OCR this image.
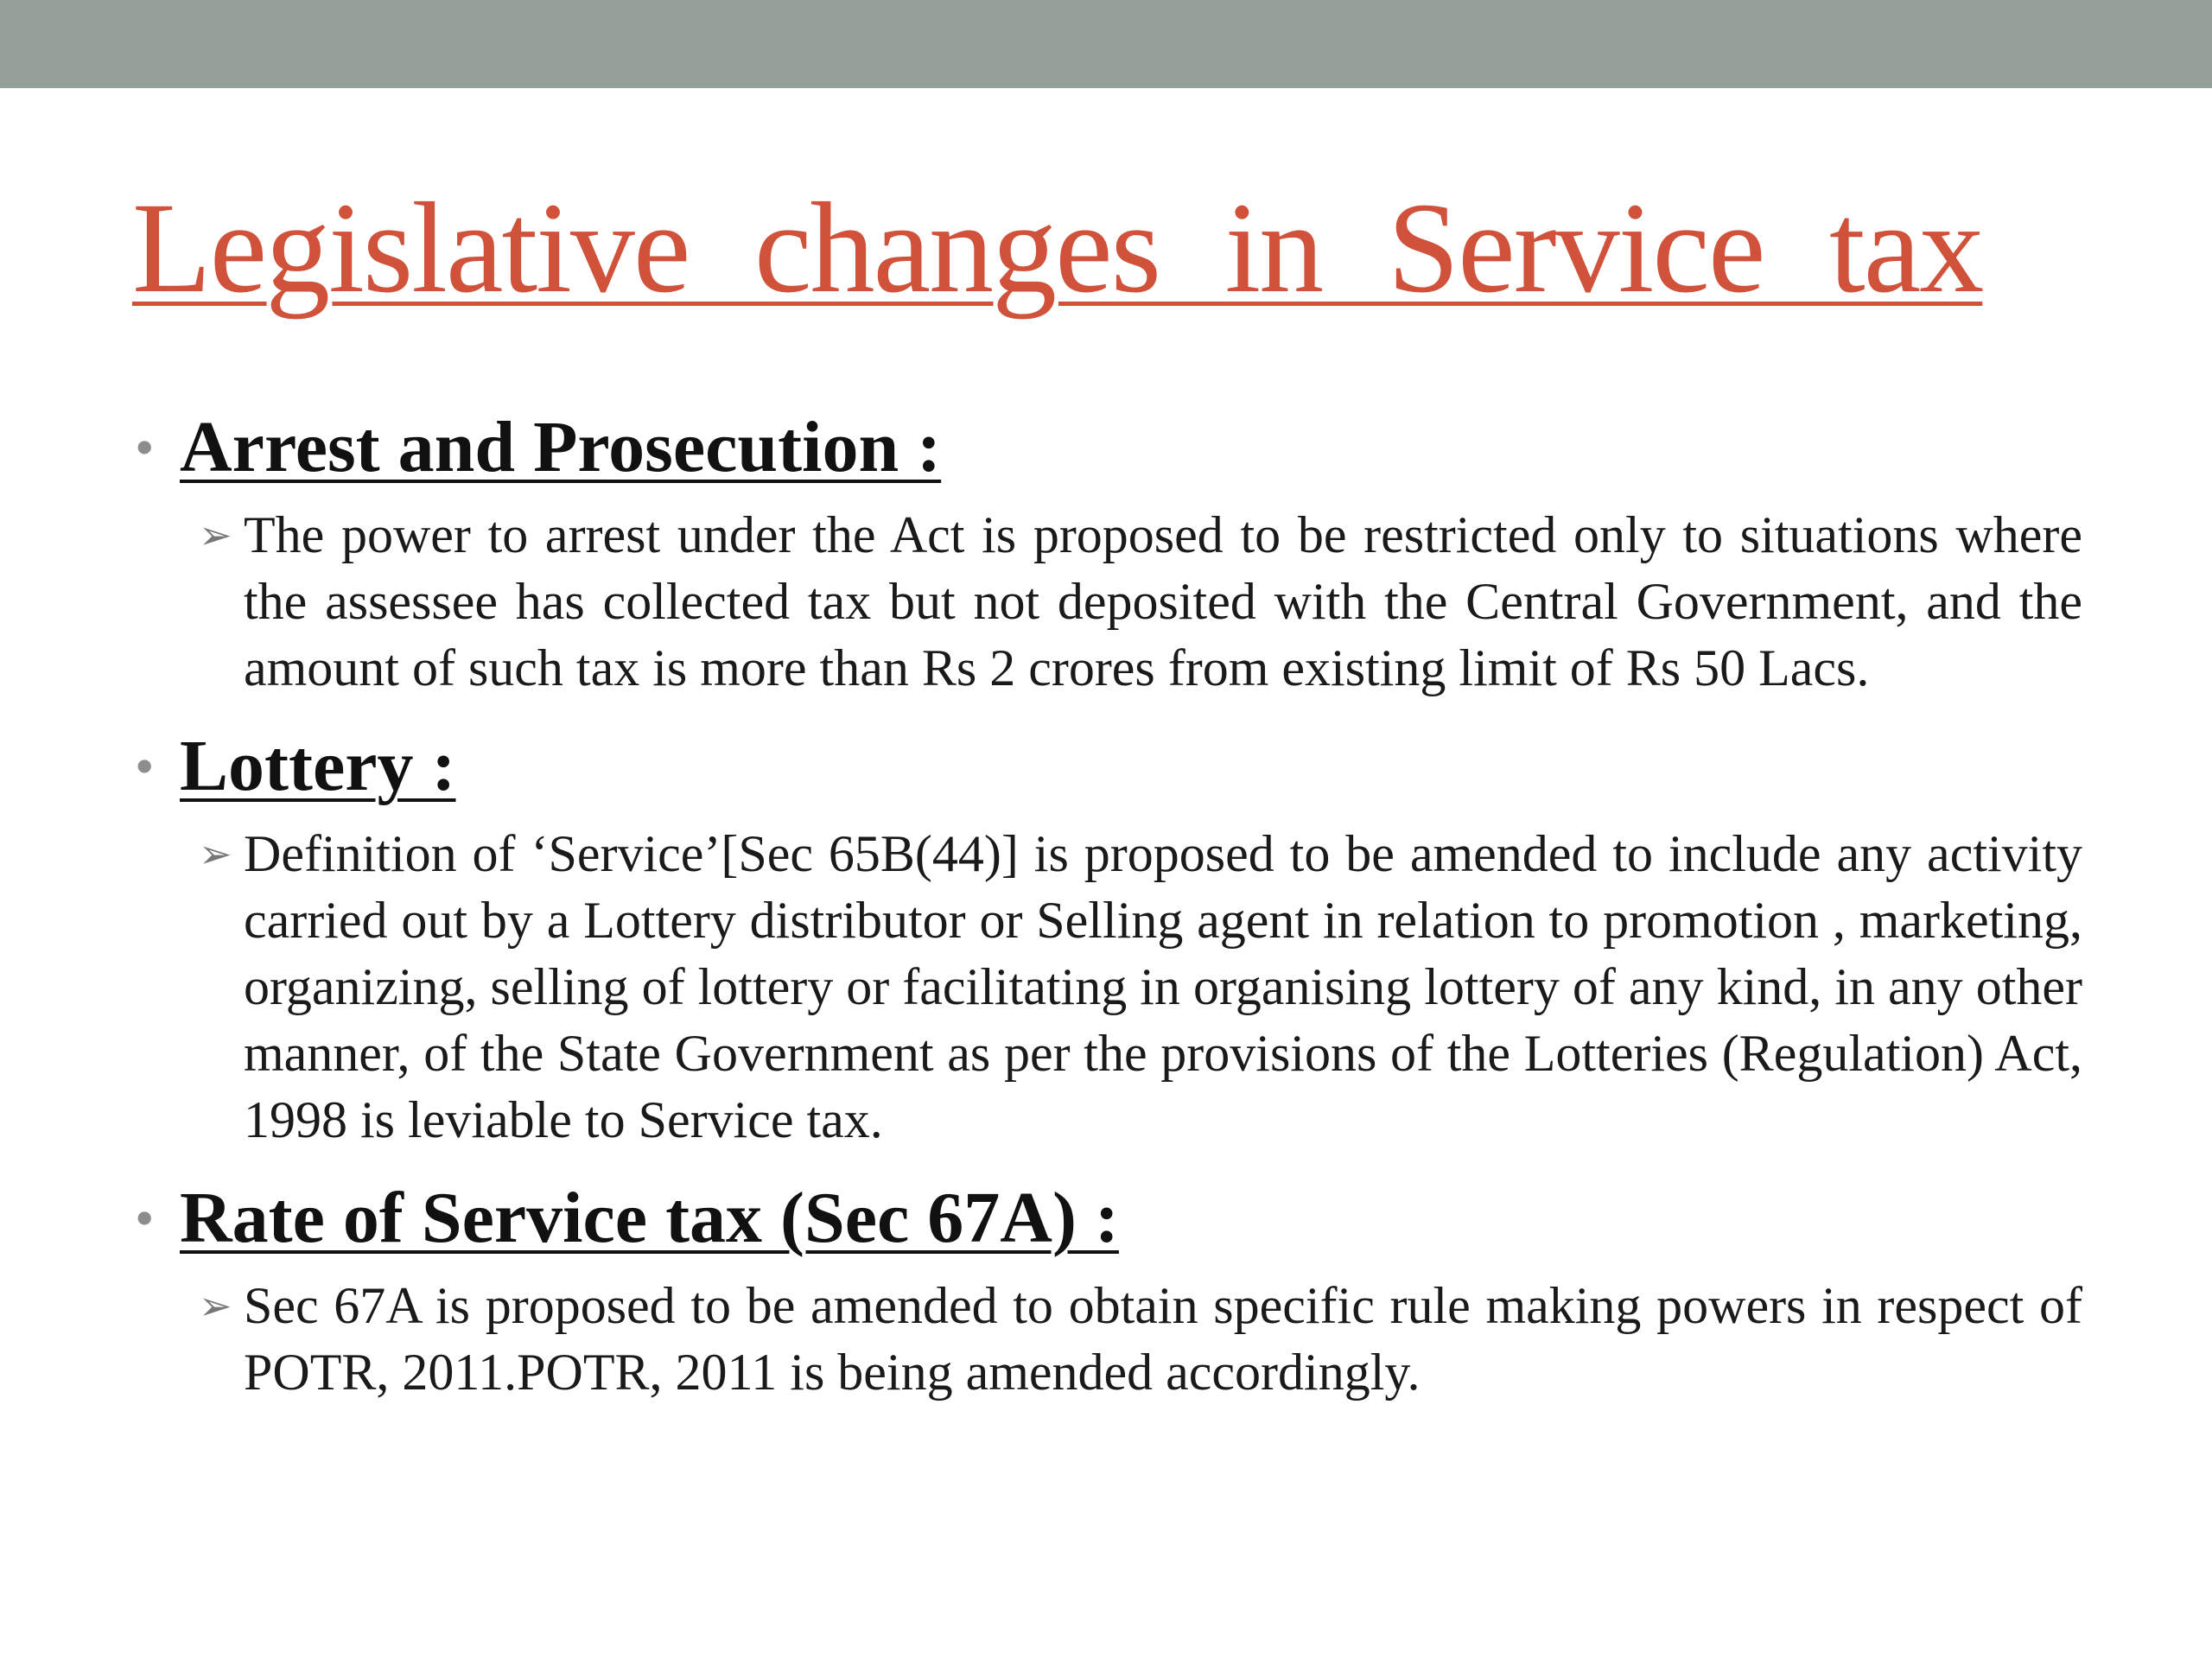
Legislative changes in Service tax
• Arrest and Prosecution :
➢ The power to arrest under the Act is proposed to be restricted only to situations where the assessee has collected tax but not deposited with the Central Government, and the amount of such tax is more than Rs 2 crores from existing limit of Rs 50 Lacs.
• Lottery :
➢ Definition of ‘Service’[Sec 65B(44)] is proposed to be amended to include any activity carried out by a Lottery distributor or Selling agent in relation to promotion , marketing, organizing, selling of lottery or facilitating in organising lottery of any kind, in any other manner, of the State Government as per the provisions of the Lotteries (Regulation) Act, 1998 is leviable to Service tax.
• Rate of Service tax (Sec 67A) :
➢ Sec 67A is proposed to be amended to obtain specific rule making powers in respect of POTR, 2011.POTR, 2011 is being amended accordingly.
